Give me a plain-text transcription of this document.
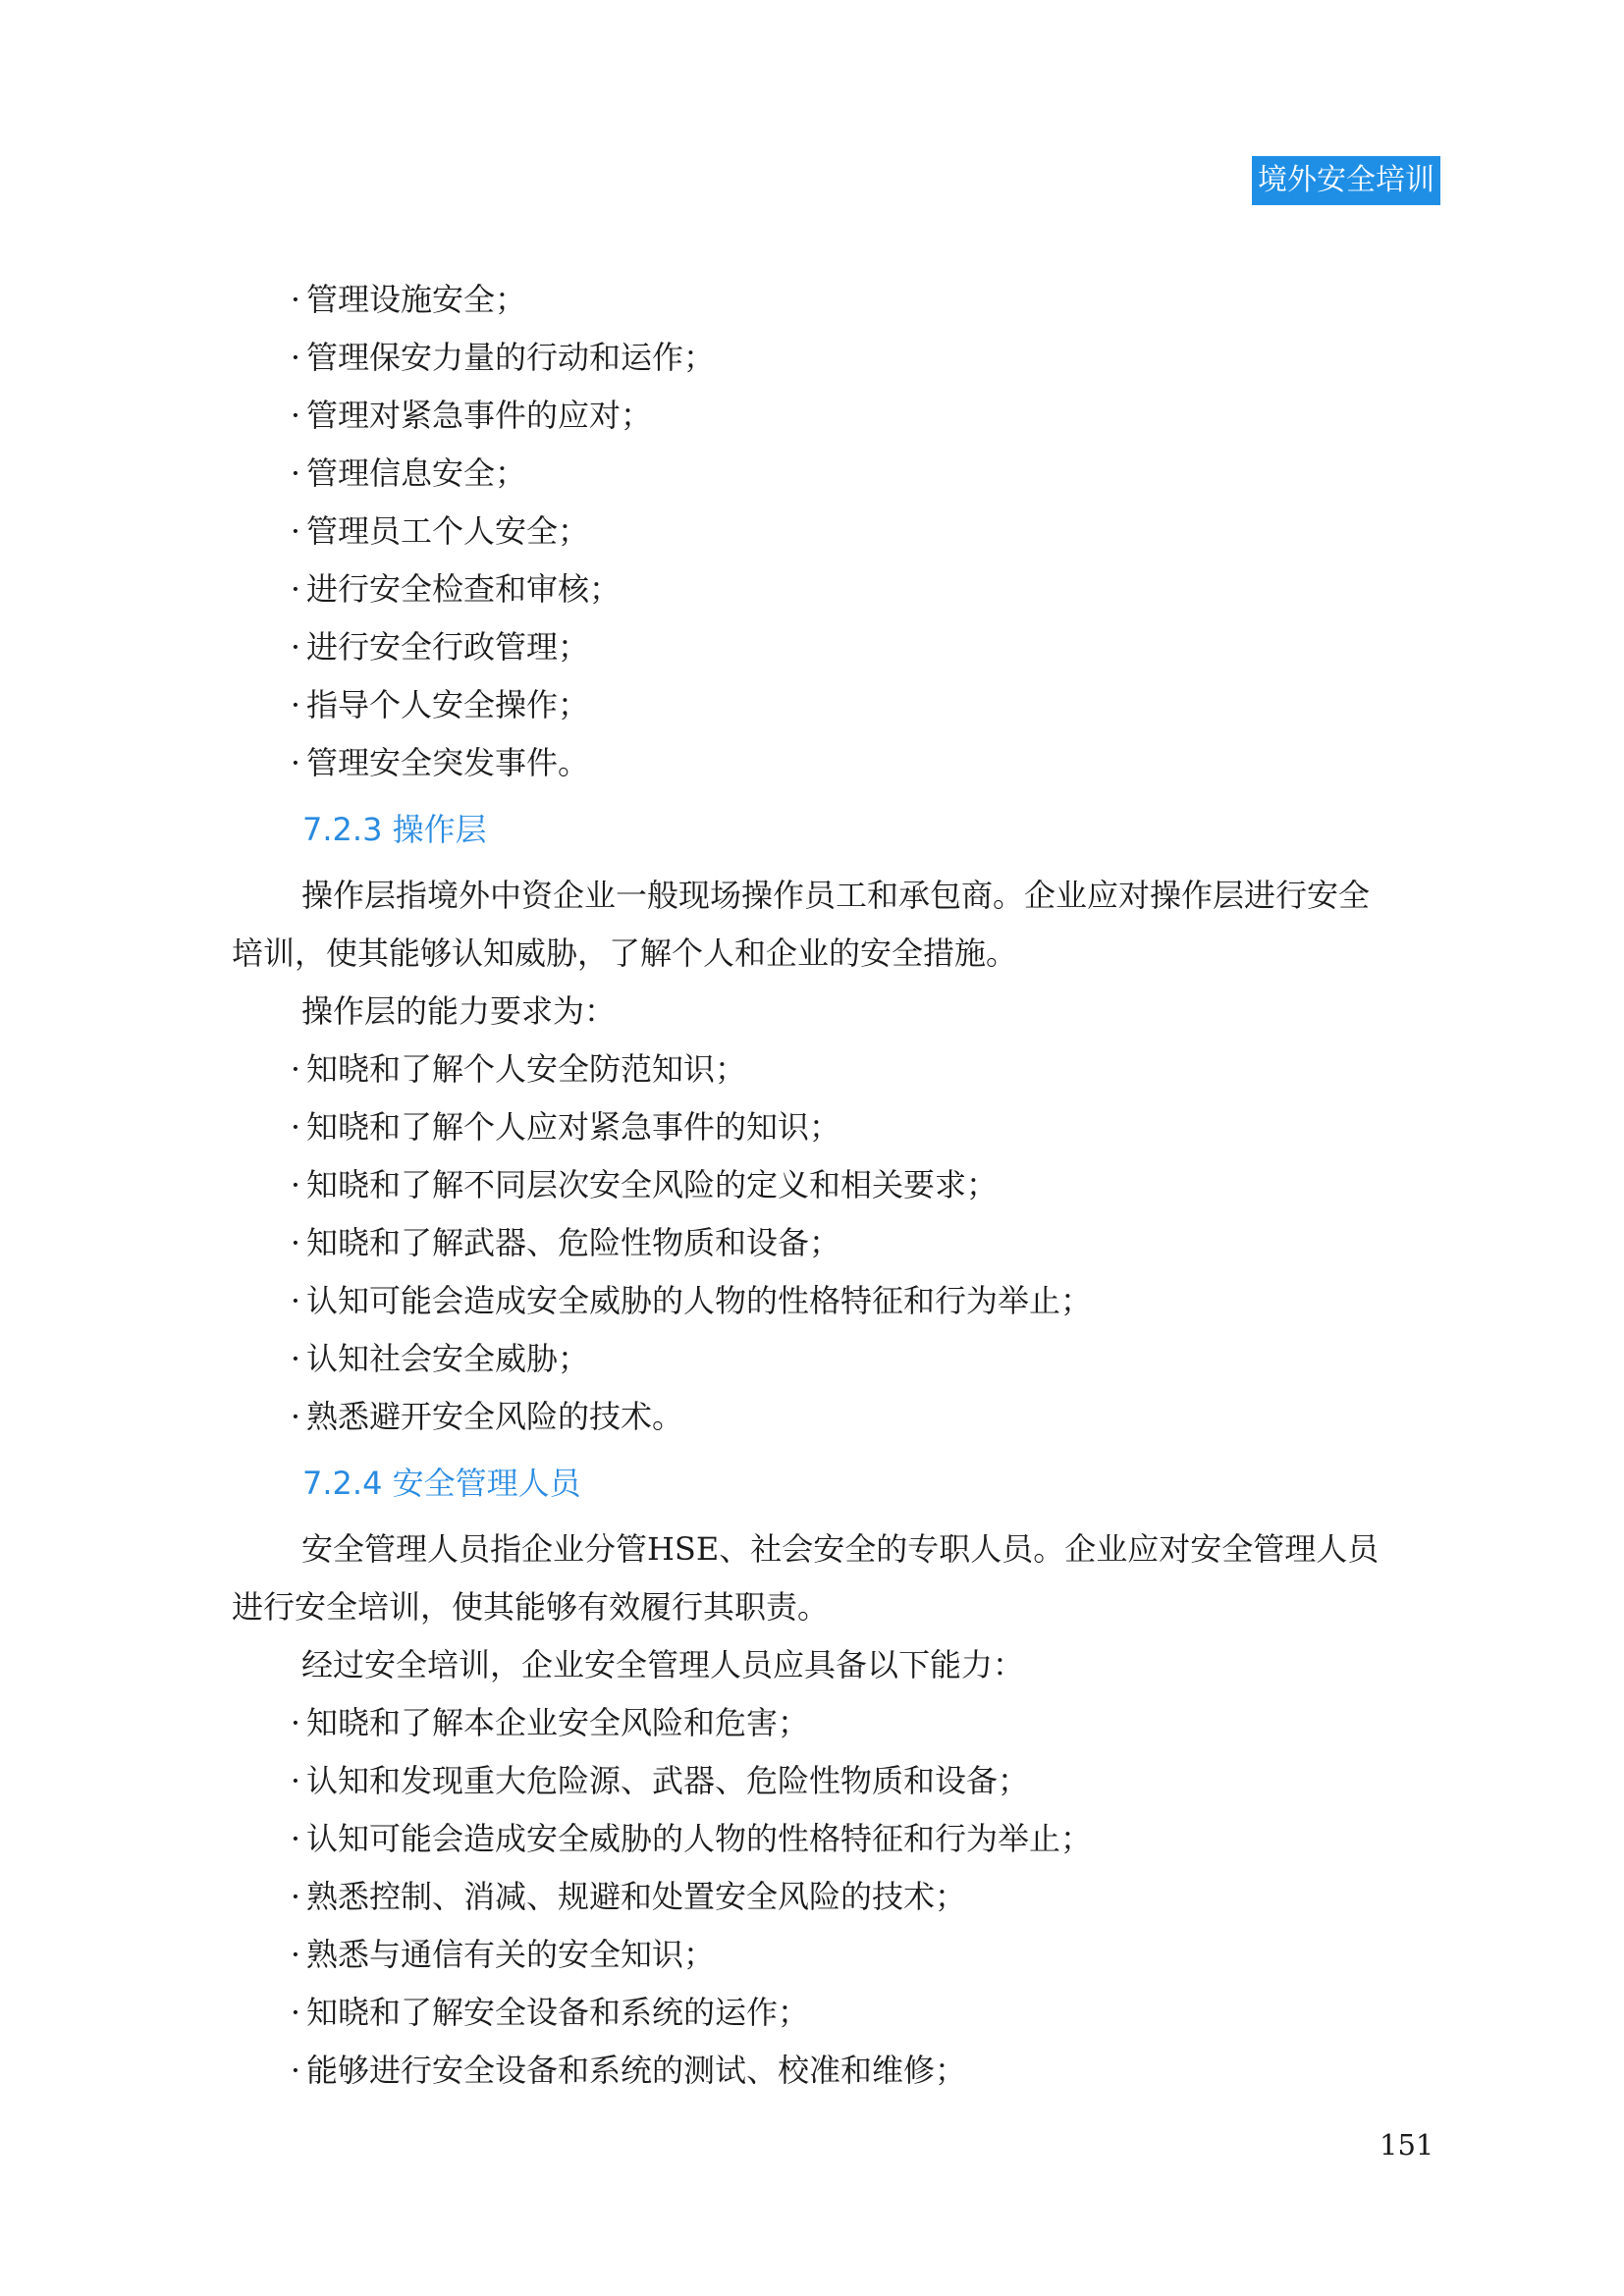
境外安全培训
· 管理设施安全；
· 管理保安力量的行动和运作；
· 管理对紧急事件的应对；
· 管理信息安全；
· 管理员工个人安全；
· 进行安全检查和审核；
· 进行安全行政管理；
· 指导个人安全操作；
· 管理安全突发事件。
7.2.3 操作层
操作层指境外中资企业一般现场操作员工和承包商。企业应对操作层进行安全
培训，使其能够认知威胁，了解个人和企业的安全措施。
操作层的能力要求为：
· 知晓和了解个人安全防范知识；
· 知晓和了解个人应对紧急事件的知识；
· 知晓和了解不同层次安全风险的定义和相关要求；
· 知晓和了解武器、危险性物质和设备；
· 认知可能会造成安全威胁的人物的性格特征和行为举止；
· 认知社会安全威胁；
· 熟悉避开安全风险的技术。
7.2.4 安全管理人员
安全管理人员指企业分管HSE、社会安全的专职人员。企业应对安全管理人员
进行安全培训，使其能够有效履行其职责。
经过安全培训，企业安全管理人员应具备以下能力：
· 知晓和了解本企业安全风险和危害；
· 认知和发现重大危险源、武器、危险性物质和设备；
· 认知可能会造成安全威胁的人物的性格特征和行为举止；
· 熟悉控制、消减、规避和处置安全风险的技术；
· 熟悉与通信有关的安全知识；
· 知晓和了解安全设备和系统的运作；
· 能够进行安全设备和系统的测试、校准和维修；
151
